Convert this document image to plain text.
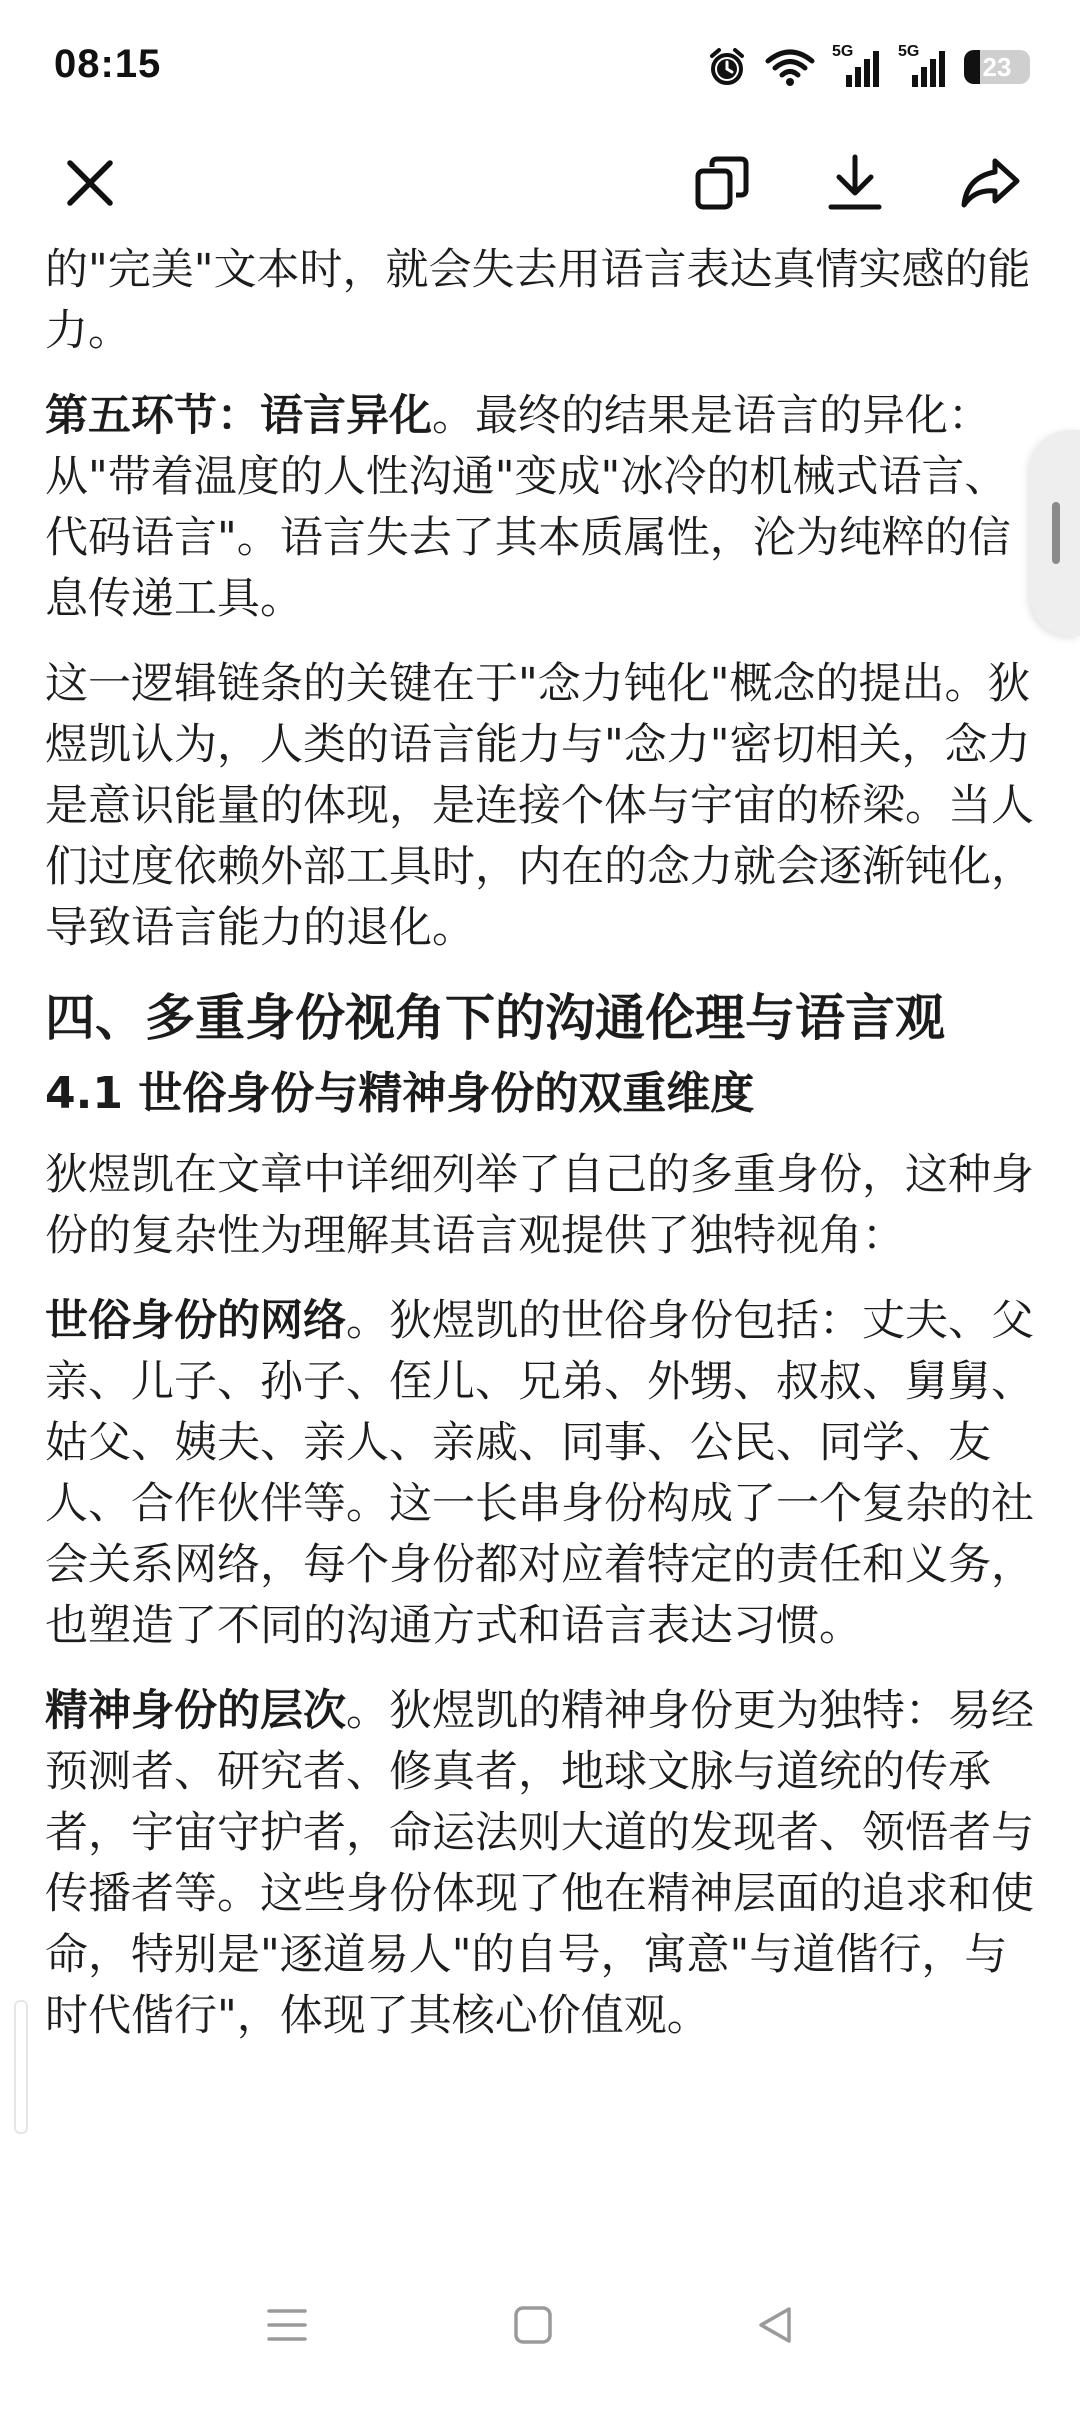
08:15	5G	5G 23

的"完美"文本时，就会失去用语言表达真情实感的能力。

第五环节：语言异化。最终的结果是语言的异化：从"带着温度的人性沟通"变成"冰冷的机械式语言、代码语言"。语言失去了其本质属性，沦为纯粹的信息传递工具。

这一逻辑链条的关键在于"念力钝化"概念的提出。狄煜凯认为，人类的语言能力与"念力"密切相关，念力是意识能量的体现，是连接个体与宇宙的桥梁。当人们过度依赖外部工具时，内在的念力就会逐渐钝化，导致语言能力的退化。

四、多重身份视角下的沟通伦理与语言观
4.1 世俗身份与精神身份的双重维度

狄煜凯在文章中详细列举了自己的多重身份，这种身份的复杂性为理解其语言观提供了独特视角：

世俗身份的网络。狄煜凯的世俗身份包括：丈夫、父亲、儿子、孙子、侄儿、兄弟、外甥、叔叔、舅舅、姑父、姨夫、亲人、亲戚、同事、公民、同学、友人、合作伙伴等。这一长串身份构成了一个复杂的社会关系网络，每个身份都对应着特定的责任和义务，也塑造了不同的沟通方式和语言表达习惯。

精神身份的层次。狄煜凯的精神身份更为独特：易经预测者、研究者、修真者，地球文脉与道统的传承者，宇宙守护者，命运法则大道的发现者、领悟者与传播者等。这些身份体现了他在精神层面的追求和使命，特别是"逐道易人"的自号，寓意"与道偕行，与时代偕行"，体现了其核心价值观。
